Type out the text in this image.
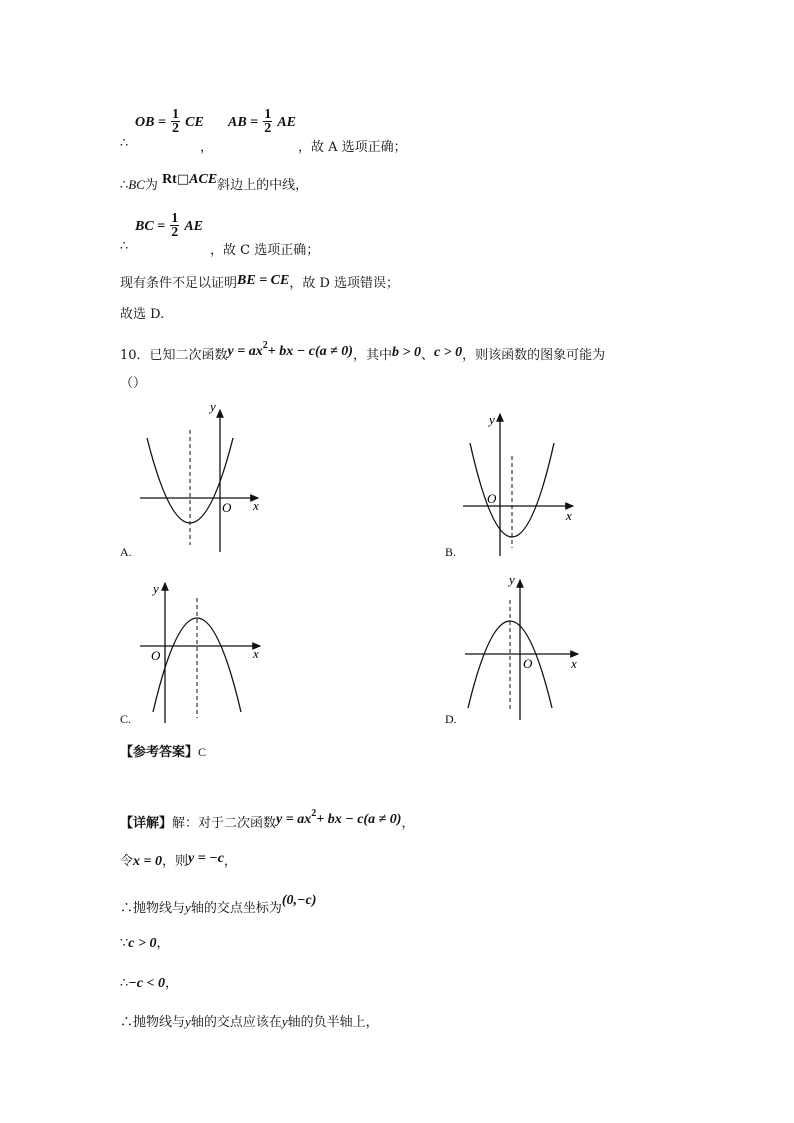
OB = $\frac{1}{2}$ CE
，
AB = $\frac{1}{2}$ AE
∴	，故 A 选项正确；
∴BC为 Rt□ACE斜边上的中线，
BC = $\frac{1}{2}$ AE
∴	，故 C 选项正确；
现有条件不足以证明BE = CE，故 D 选项错误；
故选 D.
10．已知二次函数$y = ax^2+$ bx − c(a ≠ 0)，其中b > 0、c > 0，则该函数的图象可能为
（）
y
x
O
A.
y
x
O
B.
y
x
O
C.
y
x
O
D.
【参考答案】C
【详解】解：对于二次函数$y = ax^2+$ bx − c(a ≠ 0)，
令x = 0，则y = −c，
∴抛物线与y轴的交点坐标为(0,−c)
∵c > 0，
∴−c < 0，
∴抛物线与y轴的交点应该在y轴的负半轴上，
